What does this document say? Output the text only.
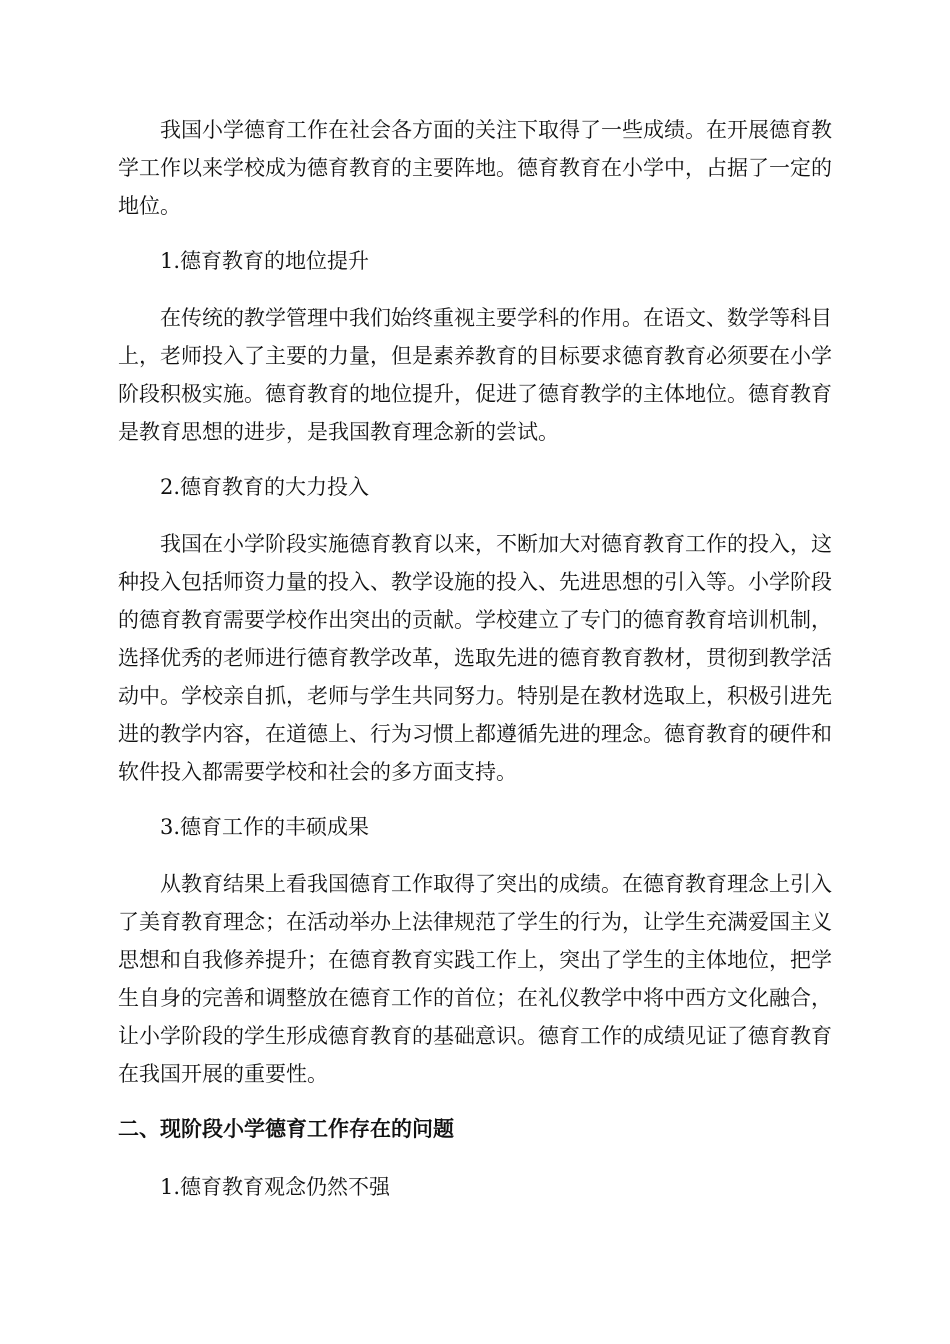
我国小学德育工作在社会各方面的关注下取得了一些成绩。在开展德育教学工作以来学校成为德育教育的主要阵地。德育教育在小学中，占据了一定的地位。

1.德育教育的地位提升

在传统的教学管理中我们始终重视主要学科的作用。在语文、数学等科目上，老师投入了主要的力量，但是素养教育的目标要求德育教育必须要在小学阶段积极实施。德育教育的地位提升，促进了德育教学的主体地位。德育教育是教育思想的进步，是我国教育理念新的尝试。

2.德育教育的大力投入

我国在小学阶段实施德育教育以来，不断加大对德育教育工作的投入，这种投入包括师资力量的投入、教学设施的投入、先进思想的引入等。小学阶段的德育教育需要学校作出突出的贡献。学校建立了专门的德育教育培训机制，选择优秀的老师进行德育教学改革，选取先进的德育教育教材，贯彻到教学活动中。学校亲自抓，老师与学生共同努力。特别是在教材选取上，积极引进先进的教学内容，在道德上、行为习惯上都遵循先进的理念。德育教育的硬件和软件投入都需要学校和社会的多方面支持。

3.德育工作的丰硕成果

从教育结果上看我国德育工作取得了突出的成绩。在德育教育理念上引入了美育教育理念；在活动举办上法律规范了学生的行为，让学生充满爱国主义思想和自我修养提升；在德育教育实践工作上，突出了学生的主体地位，把学生自身的完善和调整放在德育工作的首位；在礼仪教学中将中西方文化融合，让小学阶段的学生形成德育教育的基础意识。德育工作的成绩见证了德育教育在我国开展的重要性。

二、现阶段小学德育工作存在的问题

1.德育教育观念仍然不强
